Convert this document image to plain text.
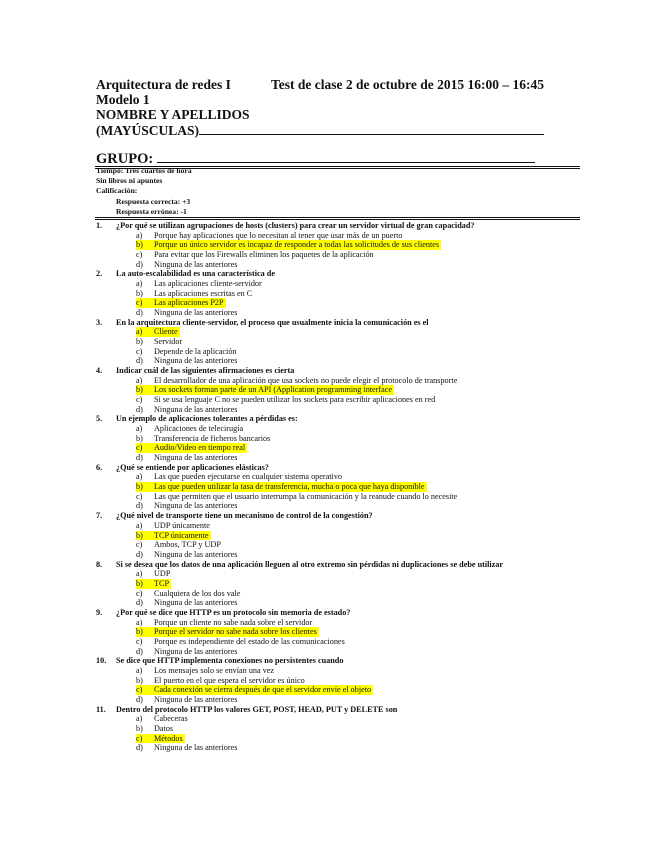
Arquitectura de redes I	Test de clase 2 de octubre de 2015 16:00 – 16:45
Modelo 1
NOMBRE Y APELLIDOS
(MAYÚSCULAS)
GRUPO:
Tiempo: Tres cuartos de hora
Sin libros ni apuntes
Calificación:
Respuesta correcta: +3
Respuesta errónea: -1
1. ¿Por qué se utilizan agrupaciones de hosts (clusters) para crear un servidor virtual de gran capacidad?
a) Porque hay aplicaciones que lo necesitan al tener que usar más de un puerto
b) Porque un único servidor es incapaz de responder a todas las solicitudes de sus clientes
c) Para evitar que los Firewalls eliminen los paquetes de la aplicación
d) Ninguna de las anteriores
2. La auto-escalabilidad es una característica de
a) Las aplicaciones cliente-servidor
b) Las aplicaciones escritas en C
c) Las aplicaciones P2P
d) Ninguna de las anteriores
3. En la arquitectura cliente-servidor, el proceso que usualmente inicia la comunicación es el
a) Cliente
b) Servidor
c) Depende de la aplicación
d) Ninguna de las anteriores
4. Indicar cuál de las siguientes afirmaciones es cierta
a) El desarrollador de una aplicación que usa sockets no puede elegir el protocolo de transporte
b) Los sockets forman parte de un API (Application programming interface
c) Si se usa lenguaje C no se pueden utilizar los sockets para escribir aplicaciones en red
d) Ninguna de las anteriores
5. Un ejemplo de aplicaciones tolerantes a pérdidas es:
a) Aplicaciones de telecirugía
b) Transferencia de ficheros bancarios
c) Audio/Video en tiempo real
d) Ninguna de las anteriores
6. ¿Qué se entiende por aplicaciones elásticas?
a) Las que pueden ejecutarse en cualquier sistema operativo
b) Las que pueden utilizar la tasa de transferencia, mucha o poca que haya disponible
c) Las que permiten que el usuario interrumpa la comunicación y la reanude cuando lo necesite
d) Ninguna de las anteriores
7. ¿Qué nivel de transporte tiene un mecanismo de control de la congestión?
a) UDP únicamente
b) TCP únicamente
c) Ambos, TCP y UDP
d) Ninguna de las anteriores
8. Si se desea que los datos de una aplicación lleguen al otro extremo sin pérdidas ni duplicaciones se debe utilizar
a) UDP
b) TCP
c) Cualquiera de los dos vale
d) Ninguna de las anteriores
9. ¿Por qué se dice que HTTP es un protocolo sin memoria de estado?
a) Porque un cliente no sabe nada sobre el servidor
b) Porque el servidor no sabe nada sobre los clientes
c) Porque es independiente del estado de las comunicaciones
d) Ninguna de las anteriores
10. Se dice que HTTP implementa conexiones no persistentes cuando
a) Los mensajes solo se envían una vez
b) El puerto en el que espera el servidor es único
c) Cada conexión se cierra después de que el servidor envíe el objeto
d) Ninguna de las anteriores
11. Dentro del protocolo HTTP los valores GET, POST, HEAD, PUT y DELETE son
a) Cabeceras
b) Datos
c) Métodos
d) Ninguna de las anteriores
